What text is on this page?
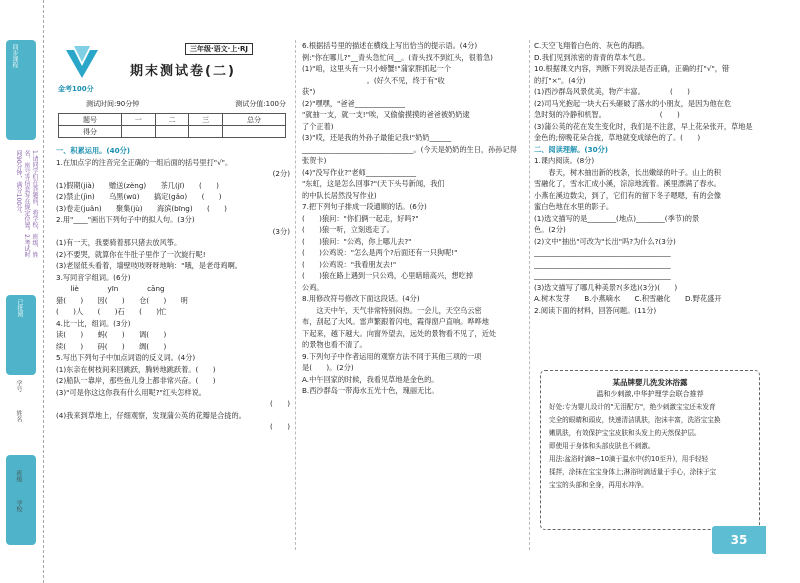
已批阅
同步课程
1.请同学们在答题前，将学校、班级、姓名、座号等信息写在规定位置。2.考试时间90分钟，满分100分。
学号
姓名
班级
学校
金考100分
三年级·语文·上·RJ
期末测试卷(二)
测试时间:90分钟	测试分值:100分
题号	一	二	三	总分
得分				
一、积累运用。(40分)
1.在加点字的注音完全正确的一组后面的括号里打"√"。
(2分)
(1)假期(jià)　　赠送(zèng)　　茶几(jī)　　(　　)
(2)禁止(jìn)　　乌黑(wū)　　搞定(gǎo)　　(　　)
(3)卷走(juǎn)　　聚集(jù)　　海滨(bīng)　　(　　)
2.用"____"画出下列句子中的拟人句。(3分)
(3分)
(1)有一天，我要骑着那只猪去放风筝。
(2)不要哭，就算你在牛肚子里作了一次旋行呢!
(3)老屋低头看着，墙壁吱吱呀呀地响："哦，是老母鸡啊。
3.写同音字组词。(6分)
　　liè　　　　yīn　　　　cāng
猎(　　)　　因(　　)　　仓(　　)　　明
(　　)人　　(　　)石　　(　　)忙
4.比一比，组词。(3分)
读(　　)　　蚂(　　)　　调(　　)
续(　　)　　码(　　)　　绸(　　)
5.写出下列句子中加点词语的反义词。(4分)
(1)东亲在树枝间来回跳跃，腾转地跳跃着。(　　)
(2)船队一靠岸，那些鱼儿身上都非常兴奋。(　　)
(3)"可是你这这你我有什么用呢?"红头怎样说。
(　　)
(4)我来到草地上，仔细观察，发现蒲公英的花瓣是合拢的。
(　　)
6.根据括号里的描述在横线上写出恰当的提示语。(4分)
例:"你在哪儿?"__青头急忙问__。(青头找不到红头，很着急)
(1)"咱，这里头有一只小螃蟹!"蒲家胖抓起一个
　　　　　　　　　。(好久不见，终于有"收
获")
(2)"嘿嘿，"爸爸______________
"就抽一支，就一支!"唉，又偷偷摸摸的爸爸被奶奶逮
了个正着)
(3)"哎，还是我的外孙子最能记我!"奶奶______
_______________________________。(今天是奶奶的生日，孙孙记得
张贺卡)
(4)"没写作业?"老师______________
"东虹，这是怎么回事?"(天下头号新闻，我们
的中队长居然没写作业)
7.把下列句子排成一段通顺的话。(6分)
(　　)狼问："你们俩一起走，好吗?"
(　　)狼一听，立刻逃走了。
(　　)狼问："公鸡，你上哪儿去?"
(　　)公鸡说："怎么是两个?后面还有一只狗呢!"
(　　)公鸡说："我看朋友去!"
(　　)狼在路上遇到一只公鸡，心里暗暗高兴，想吃掉
公鸡。
8.用修改符号修改下面这段话。(4分)
　　这天中午，天气非常特别闷热。一会儿，天空乌云密
布，刮起了大风。雷声繁跟着闪电，霞得窗户直响。哗哗地
下起来，越下越大。向窗外望去，远处的景物看不见了，近处
的景物也看不清了。
9.下列句子中作者运用的观察方法不同于其他三项的一项
是(　　)。(2分)
A.中午回家的时候，我看见草地是金色的。
B.西沙群岛一带海水五光十色，瑰丽无比。
C.天空飞翔着白色的、灰色的海鸥。
D.我们见到浓密的青青的草本气息。
10.根据课文内容，判断下列说法是否正确，正确的打"√"，错
的打"×"。(4分)
(1)西沙群岛风景优美，物产丰富。　　　　(　　)
(2)司马光抱起一块大石头砸破了落水的小朋友，是因为他在危
急时刻的冷静和机智。　　　　　　　　(　　)
(3)蒲公英的花在发生变化时，我们是不注意，早上花朵张开，草地是
金色的;傍晚花朵合拢，草地就变成绿色的了。(　　)
二、阅读理解。(30分)
1.课内阅读。(8分)
　　春天，树木抽出新的枝条，长出嫩绿的叶子。山上的积
雪融化了，雪水汇成小溪，淙淙地流着。溪里漂满了春水。
小燕在溪边数尖，到了，它们有的留下冬子嗯嗯，有的会像
蜜白色地在水里的影子。
(1)选文描写的是________(地点)________(季节)的景
色。(2分)
(2)文中"抽出"可改为"长出"吗?为什么?(3分)
______________________________________
______________________________________
______________________________________
(3)选文描写了哪几种美景?(多选)(3分)(　　)
A.树木发芽　　B.小燕嘀水　　C.积雪融化　　D.野花盛开
2.阅读下面的材料，回答问题。(11分)
某品牌婴儿洗发沐浴露
温和少刺激,中华护理学会联合推荐
好处:专为婴儿设计的"无泪配方"，绝少刺激宝宝还未发育
完全的眼睛和頭皮，快速清洁肌肤，泡沫丰富，洗浴宝宝换
嫩肌肤，有效保护宝宝皮肤和头发上的天然保护层。
即使用于身体和头部皮肤也不刺激。
用法:盆浴时滴8~10滴于温水中(约10至升)，用手轻轻
揉拌，涂抹在宝宝身体上;淋浴时滴适量于手心，涂抹于宝
宝宝的头部和全身，再用水冲净。
35
